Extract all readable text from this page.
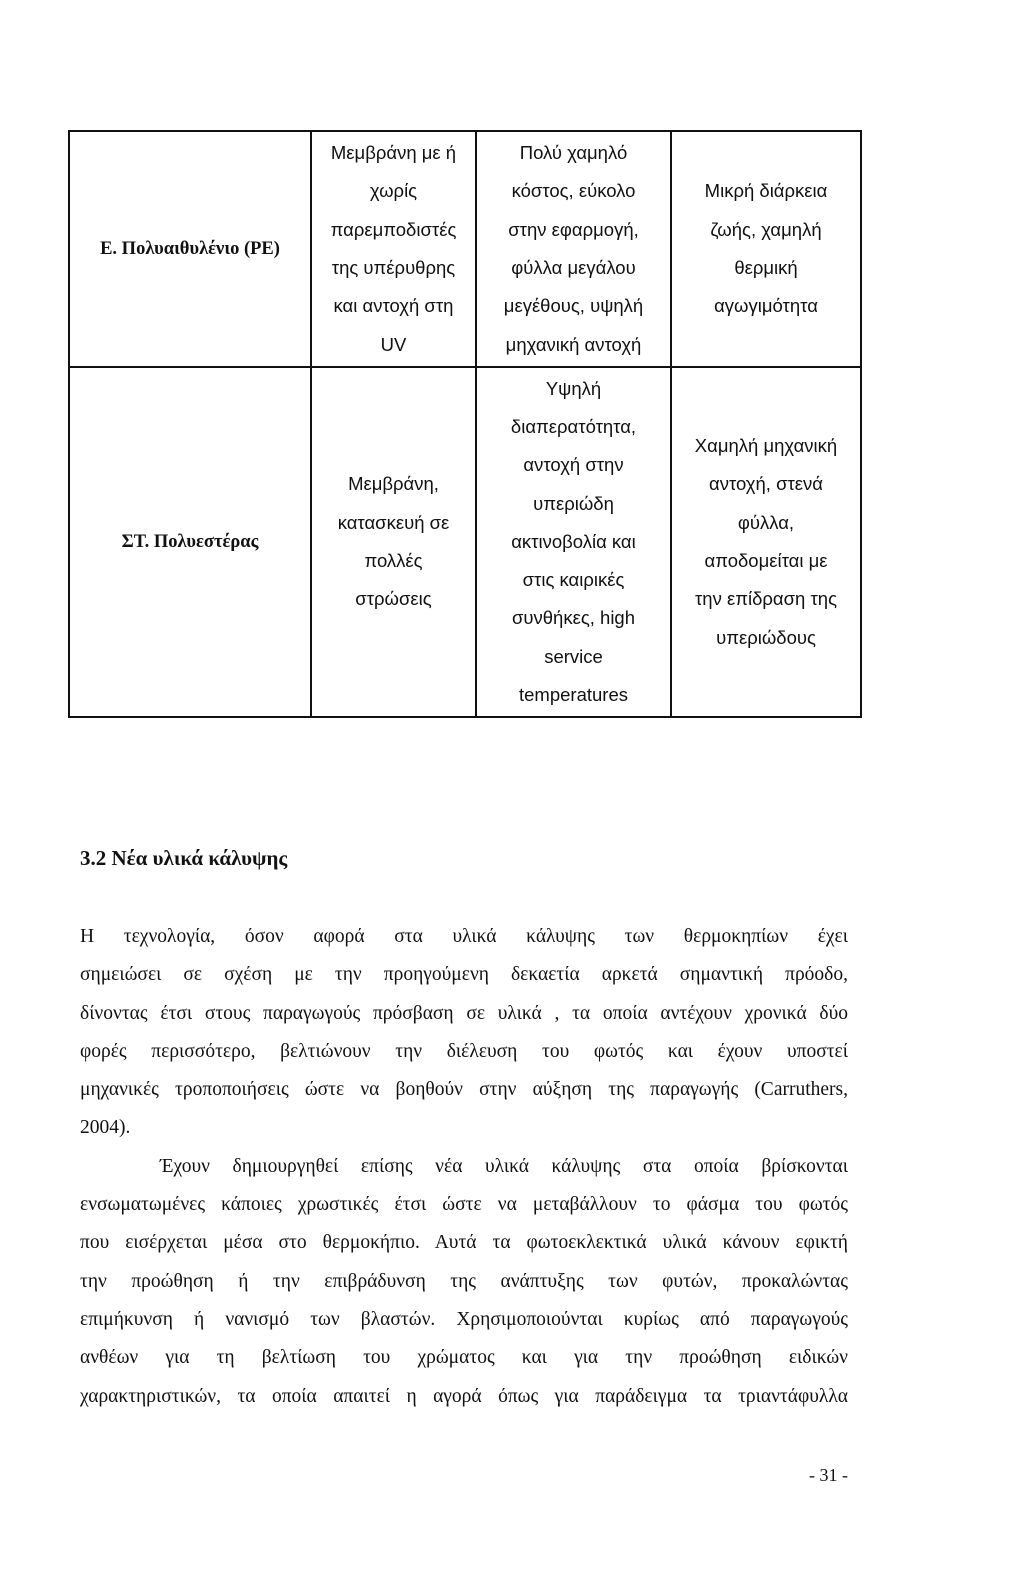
Ε. Πολυαιθυλένιο (PE)
Μεμβράνη με ή
χωρίς
παρεμποδιστές
της υπέρυθρης
και αντοχή στη
UV
Πολύ χαμηλό
κόστος, εύκολο
στην εφαρμογή,
φύλλα μεγάλου
μεγέθους, υψηλή
μηχανική αντοχή
Μικρή διάρκεια
ζωής, χαμηλή
θερμική
αγωγιμότητα
ΣΤ. Πολυεστέρας
Μεμβράνη,
κατασκευή σε
πολλές
στρώσεις
Υψηλή
διαπερατότητα,
αντοχή στην
υπεριώδη
ακτινοβολία και
στις καιρικές
συνθήκες, high
service
temperatures
Χαμηλή μηχανική
αντοχή, στενά
φύλλα,
αποδομείται με
την επίδραση της
υπεριώδους
3.2 Νέα υλικά κάλυψης
Η τεχνολογία, όσον αφορά στα υλικά κάλυψης των θερμοκηπίων έχει
σημειώσει σε σχέση με την προηγούμενη δεκαετία αρκετά σημαντική πρόοδο,
δίνοντας έτσι στους παραγωγούς πρόσβαση σε υλικά , τα οποία αντέχουν χρονικά δύο
φορές περισσότερο, βελτιώνουν την διέλευση του φωτός και έχουν υποστεί
μηχανικές τροποποιήσεις ώστε να βοηθούν στην αύξηση της παραγωγής (Carruthers,
2004).
Έχουν δημιουργηθεί επίσης νέα υλικά κάλυψης στα οποία βρίσκονται
ενσωματωμένες κάποιες χρωστικές έτσι ώστε να μεταβάλλουν το φάσμα του φωτός
που εισέρχεται μέσα στο θερμοκήπιο. Αυτά τα φωτοεκλεκτικά υλικά κάνουν εφικτή
την προώθηση ή την επιβράδυνση της ανάπτυξης των φυτών, προκαλώντας
επιμήκυνση ή νανισμό των βλαστών. Χρησιμοποιούνται κυρίως από παραγωγούς
ανθέων για τη βελτίωση του χρώματος και για την προώθηση ειδικών
χαρακτηριστικών, τα οποία απαιτεί η αγορά όπως για παράδειγμα τα τριαντάφυλλα
- 31 -
